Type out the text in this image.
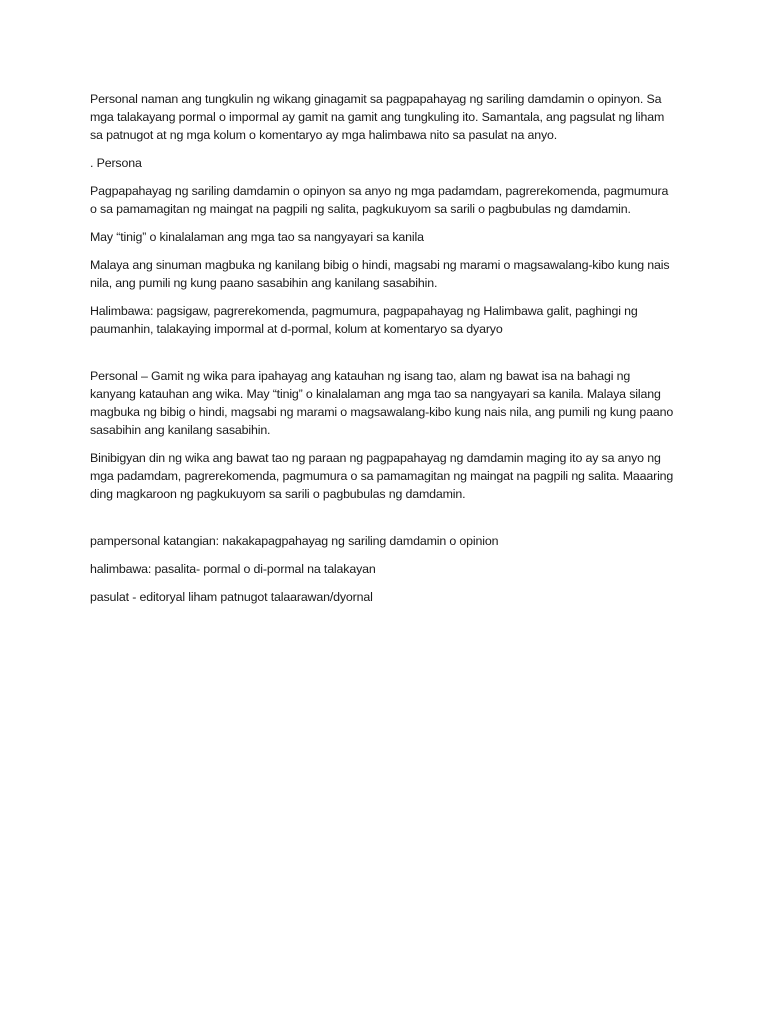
Personal naman ang tungkulin ng wikang ginagamit sa pagpapahayag ng sariling damdamin o opinyon. Sa mga talakayang pormal o impormal ay gamit na gamit ang tungkuling ito. Samantala, ang pagsulat ng liham sa patnugot at ng mga kolum o komentaryo ay mga halimbawa nito sa pasulat na anyo.

. Persona

Pagpapahayag ng sariling damdamin o opinyon sa anyo ng mga padamdam, pagrerekomenda, pagmumura o sa pamamagitan ng maingat na pagpili ng salita, pagkukuyom sa sarili o pagbubulas ng damdamin.

May “tinig” o kinalalaman ang mga tao sa nangyayari sa kanila

Malaya ang sinuman magbuka ng kanilang bibig o hindi, magsabi ng marami o magsawalang-kibo kung nais nila, ang pumili ng kung paano sasabihin ang kanilang sasabihin.

Halimbawa: pagsigaw, pagrerekomenda, pagmumura, pagpapahayag ng Halimbawa galit, paghingi ng paumanhin, talakaying impormal at d-pormal, kolum at komentaryo sa dyaryo

Personal – Gamit ng wika para ipahayag ang katauhan ng isang tao, alam ng bawat isa na bahagi ng kanyang katauhan ang wika. May “tinig” o kinalalaman ang mga tao sa nangyayari sa kanila. Malaya silang magbuka ng bibig o hindi, magsabi ng marami o magsawalang-kibo kung nais nila, ang pumili ng kung paano sasabihin ang kanilang sasabihin.

Binibigyan din ng wika ang bawat tao ng paraan ng pagpapahayag ng damdamin maging ito ay sa anyo ng mga padamdam, pagrerekomenda, pagmumura o sa pamamagitan ng maingat na pagpili ng salita. Maaaring ding magkaroon ng pagkukuyom sa sarili o pagbubulas ng damdamin.

pampersonal katangian: nakakapagpahayag ng sariling damdamin o opinion

halimbawa: pasalita- pormal o di-pormal na talakayan

pasulat - editoryal liham patnugot talaarawan/dyornal
